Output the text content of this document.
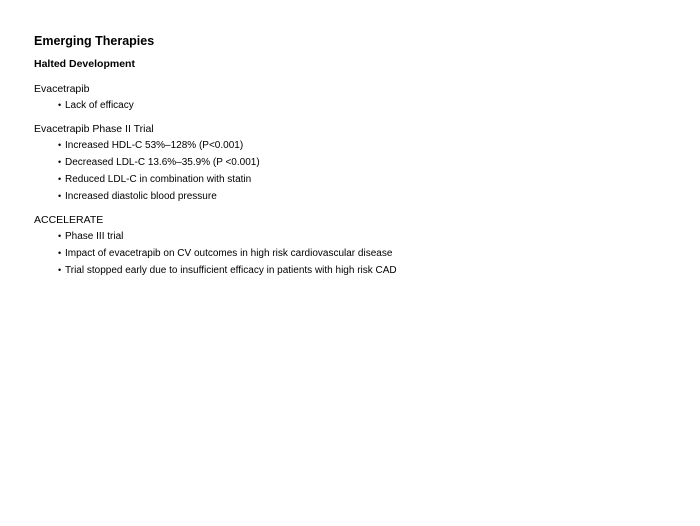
Emerging Therapies
Halted Development
Evacetrapib
• Lack of efficacy
Evacetrapib Phase II Trial
• Increased HDL-C 53%–128% (P<0.001)
• Decreased LDL-C 13.6%–35.9% (P <0.001)
• Reduced LDL-C in combination with statin
• Increased diastolic blood pressure
ACCELERATE
• Phase III trial
• Impact of evacetrapib on CV outcomes in high risk cardiovascular disease
• Trial stopped early due to insufficient efficacy in patients with high risk CAD
